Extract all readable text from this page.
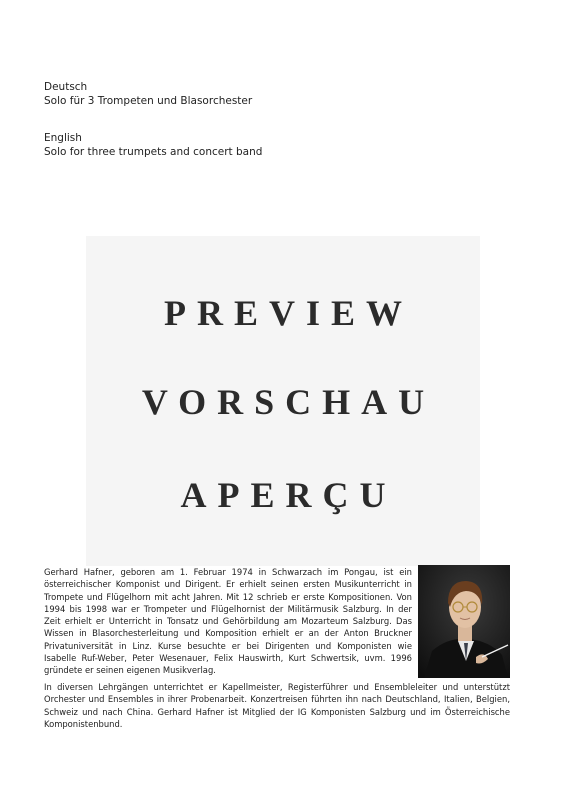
Deutsch
Solo für 3 Trompeten und Blasorchester
English
Solo for three trumpets and concert band
PREVIEW
VORSCHAU
APERÇU
Gerhard Hafner, geboren am 1. Februar 1974 in Schwarzach im Pongau, ist ein österreichischer Komponist und Dirigent. Er erhielt seinen ersten Musikunterricht in Trompete und Flügelhorn mit acht Jahren. Mit 12 schrieb er erste Kompositionen. Von 1994 bis 1998 war er Trompeter und Flügelhornist der Militärmusik Salzburg. In der Zeit erhielt er Unterricht in Tonsatz und Gehörbildung am Mozarteum Salzburg. Das Wissen in Blasorchesterleitung und Komposition erhielt er an der Anton Bruckner Privatuniversität in Linz. Kurse besuchte er bei Dirigenten und Komponisten wie Isabelle Ruf-Weber, Peter Wesenauer, Felix Hauswirth, Kurt Schwertsik, uvm. 1996 gründete er seinen eigenen Musikverlag.
In diversen Lehrgängen unterrichtet er Kapellmeister, Registerführer und Ensembleleiter und unterstützt Orchester und Ensembles in ihrer Probenarbeit. Konzertreisen führten ihn nach Deutschland, Italien, Belgien, Schweiz und nach China. Gerhard Hafner ist Mitglied der IG Komponisten Salzburg und im Österreichische Komponistenbund.
